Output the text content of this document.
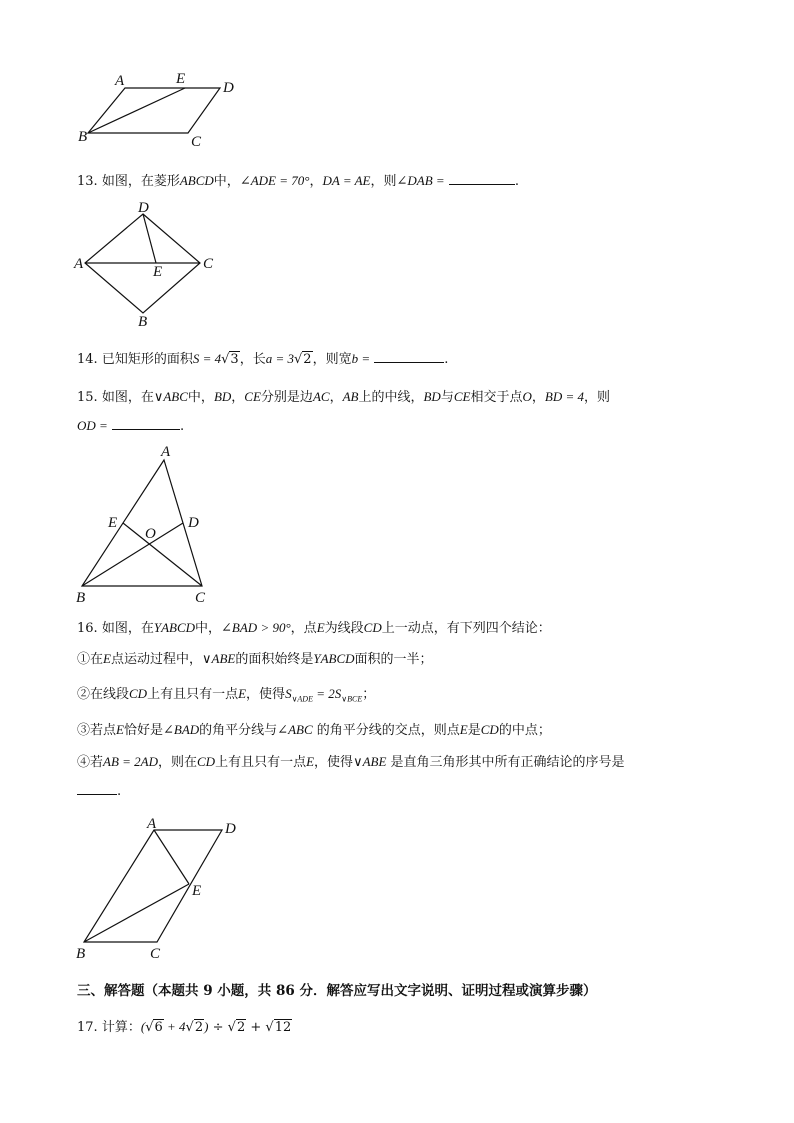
A	E
D
B	C
13. 如图，在菱形ABCD中，∠ADE = 70°，DA = AE，则∠DAB =	.
D
A	E	C
B
14. 已知矩形的面积S = 4√3，长a = 3√2，则宽b =	.
15. 如图，在∨ABC中，BD，CE分别是边AC，AB上的中线，BD与CE相交于点O，BD = 4，则
OD =	.
A
E	D
O
B	C
16. 如图，在ΥABCD中，∠BAD > 90°，点E为线段CD上一动点，有下列四个结论：
①在E点运动过程中，∨ABE的面积始终是ΥABCD面积的一半；
②在线段CD上有且只有一点E，使得$S_{\vee ADE} = 2S_{\vee BCE}$；
③若点E恰好是∠BAD的角平分线与∠ABC 的角平分线的交点，则点E是CD的中点；
④若AB = 2AD，则在CD上有且只有一点E，使得∨ABE 是直角三角形其中所有正确结论的序号是
.
A	D
E
B	C
三、解答题（本题共 9 小题，共 86 分．解答应写出文字说明、证明过程或演算步骤）
17. 计算：(√6 + 4√2) ÷ √2 + √12
